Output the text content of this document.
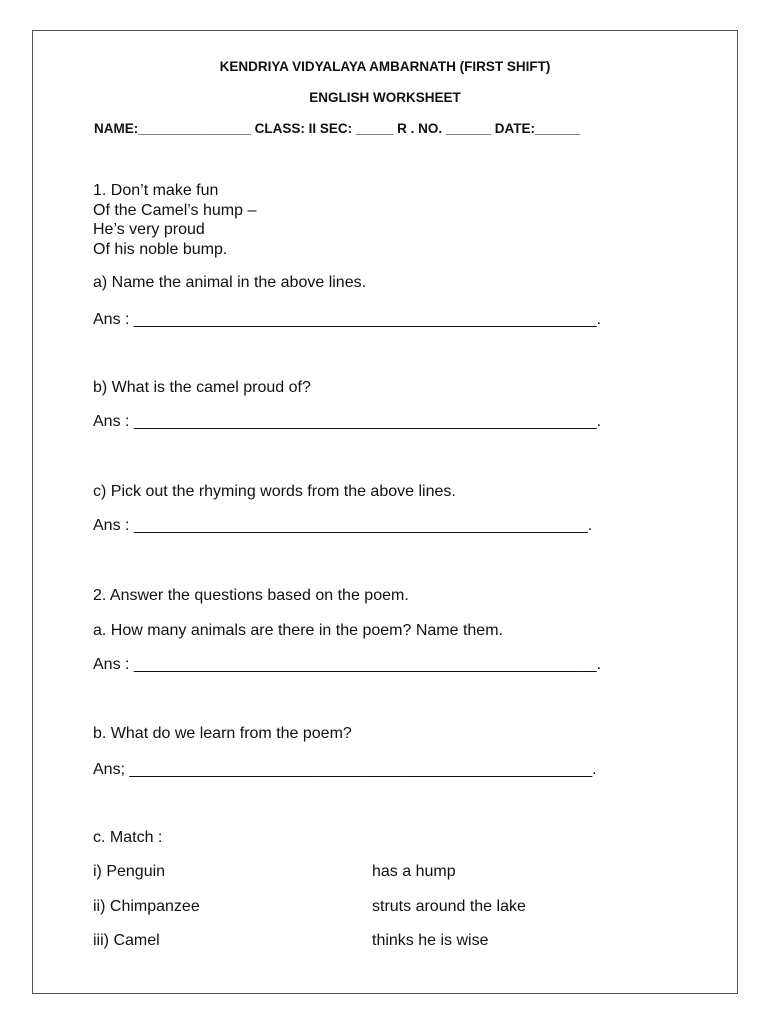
KENDRIYA VIDYALAYA AMBARNATH (FIRST SHIFT)
ENGLISH WORKSHEET
NAME:_______________ CLASS: II SEC: _____ R . NO. ______ DATE:______
1. Don’t make fun
Of the Camel’s hump –
He’s very proud
Of his noble bump.
a) Name the animal in the above lines.
Ans : ____________________________________________________.
b) What is the camel proud of?
Ans : ____________________________________________________.
c) Pick out the rhyming words from the above lines.
Ans : ___________________________________________________.
2. Answer the questions based on the poem.
a. How many animals are there in the poem? Name them.
Ans : ____________________________________________________.
b. What do we learn from the poem?
Ans; ____________________________________________________.
c. Match :
i) Penguin	has a hump
ii) Chimpanzee	struts around the lake
iii) Camel	thinks he is wise
